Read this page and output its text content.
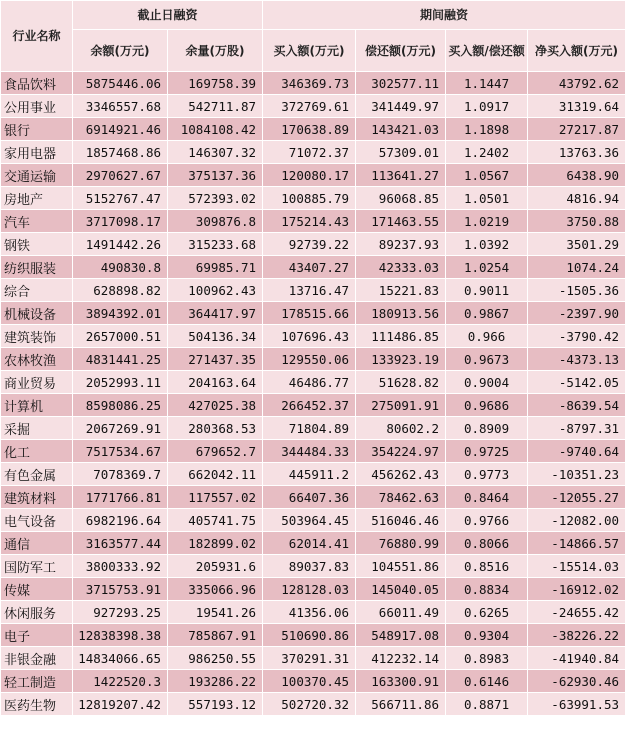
行业名称	截止日融资		期间融资			
	余额(万元)	余量(万股)	买入额(万元)	偿还额(万元)	买入额/偿还额	净买入额(万元)
食品饮料	5875446.06	169758.39	346369.73	302577.11	1.1447	43792.62
公用事业	3346557.68	542711.87	372769.61	341449.97	1.0917	31319.64
银行	6914921.46	1084108.42	170638.89	143421.03	1.1898	27217.87
家用电器	1857468.86	146307.32	71072.37	57309.01	1.2402	13763.36
交通运输	2970627.67	375137.36	120080.17	113641.27	1.0567	6438.90
房地产	5152767.47	572393.02	100885.79	96068.85	1.0501	4816.94
汽车	3717098.17	309876.8	175214.43	171463.55	1.0219	3750.88
钢铁	1491442.26	315233.68	92739.22	89237.93	1.0392	3501.29
纺织服装	490830.8	69985.71	43407.27	42333.03	1.0254	1074.24
综合	628898.82	100962.43	13716.47	15221.83	0.9011	-1505.36
机械设备	3894392.01	364417.97	178515.66	180913.56	0.9867	-2397.90
建筑装饰	2657000.51	504136.34	107696.43	111486.85	0.966	-3790.42
农林牧渔	4831441.25	271437.35	129550.06	133923.19	0.9673	-4373.13
商业贸易	2052993.11	204163.64	46486.77	51628.82	0.9004	-5142.05
计算机	8598086.25	427025.38	266452.37	275091.91	0.9686	-8639.54
采掘	2067269.91	280368.53	71804.89	80602.2	0.8909	-8797.31
化工	7517534.67	679652.7	344484.33	354224.97	0.9725	-9740.64
有色金属	7078369.7	662042.11	445911.2	456262.43	0.9773	-10351.23
建筑材料	1771766.81	117557.02	66407.36	78462.63	0.8464	-12055.27
电气设备	6982196.64	405741.75	503964.45	516046.46	0.9766	-12082.00
通信	3163577.44	182899.02	62014.41	76880.99	0.8066	-14866.57
国防军工	3800333.92	205931.6	89037.83	104551.86	0.8516	-15514.03
传媒	3715753.91	335066.96	128128.03	145040.05	0.8834	-16912.02
休闲服务	927293.25	19541.26	41356.06	66011.49	0.6265	-24655.42
电子	12838398.38	785867.91	510690.86	548917.08	0.9304	-38226.22
非银金融	14834066.65	986250.55	370291.31	412232.14	0.8983	-41940.84
轻工制造	1422520.3	193286.22	100370.45	163300.91	0.6146	-62930.46
医药生物	12819207.42	557193.12	502720.32	566711.86	0.8871	-63991.53
